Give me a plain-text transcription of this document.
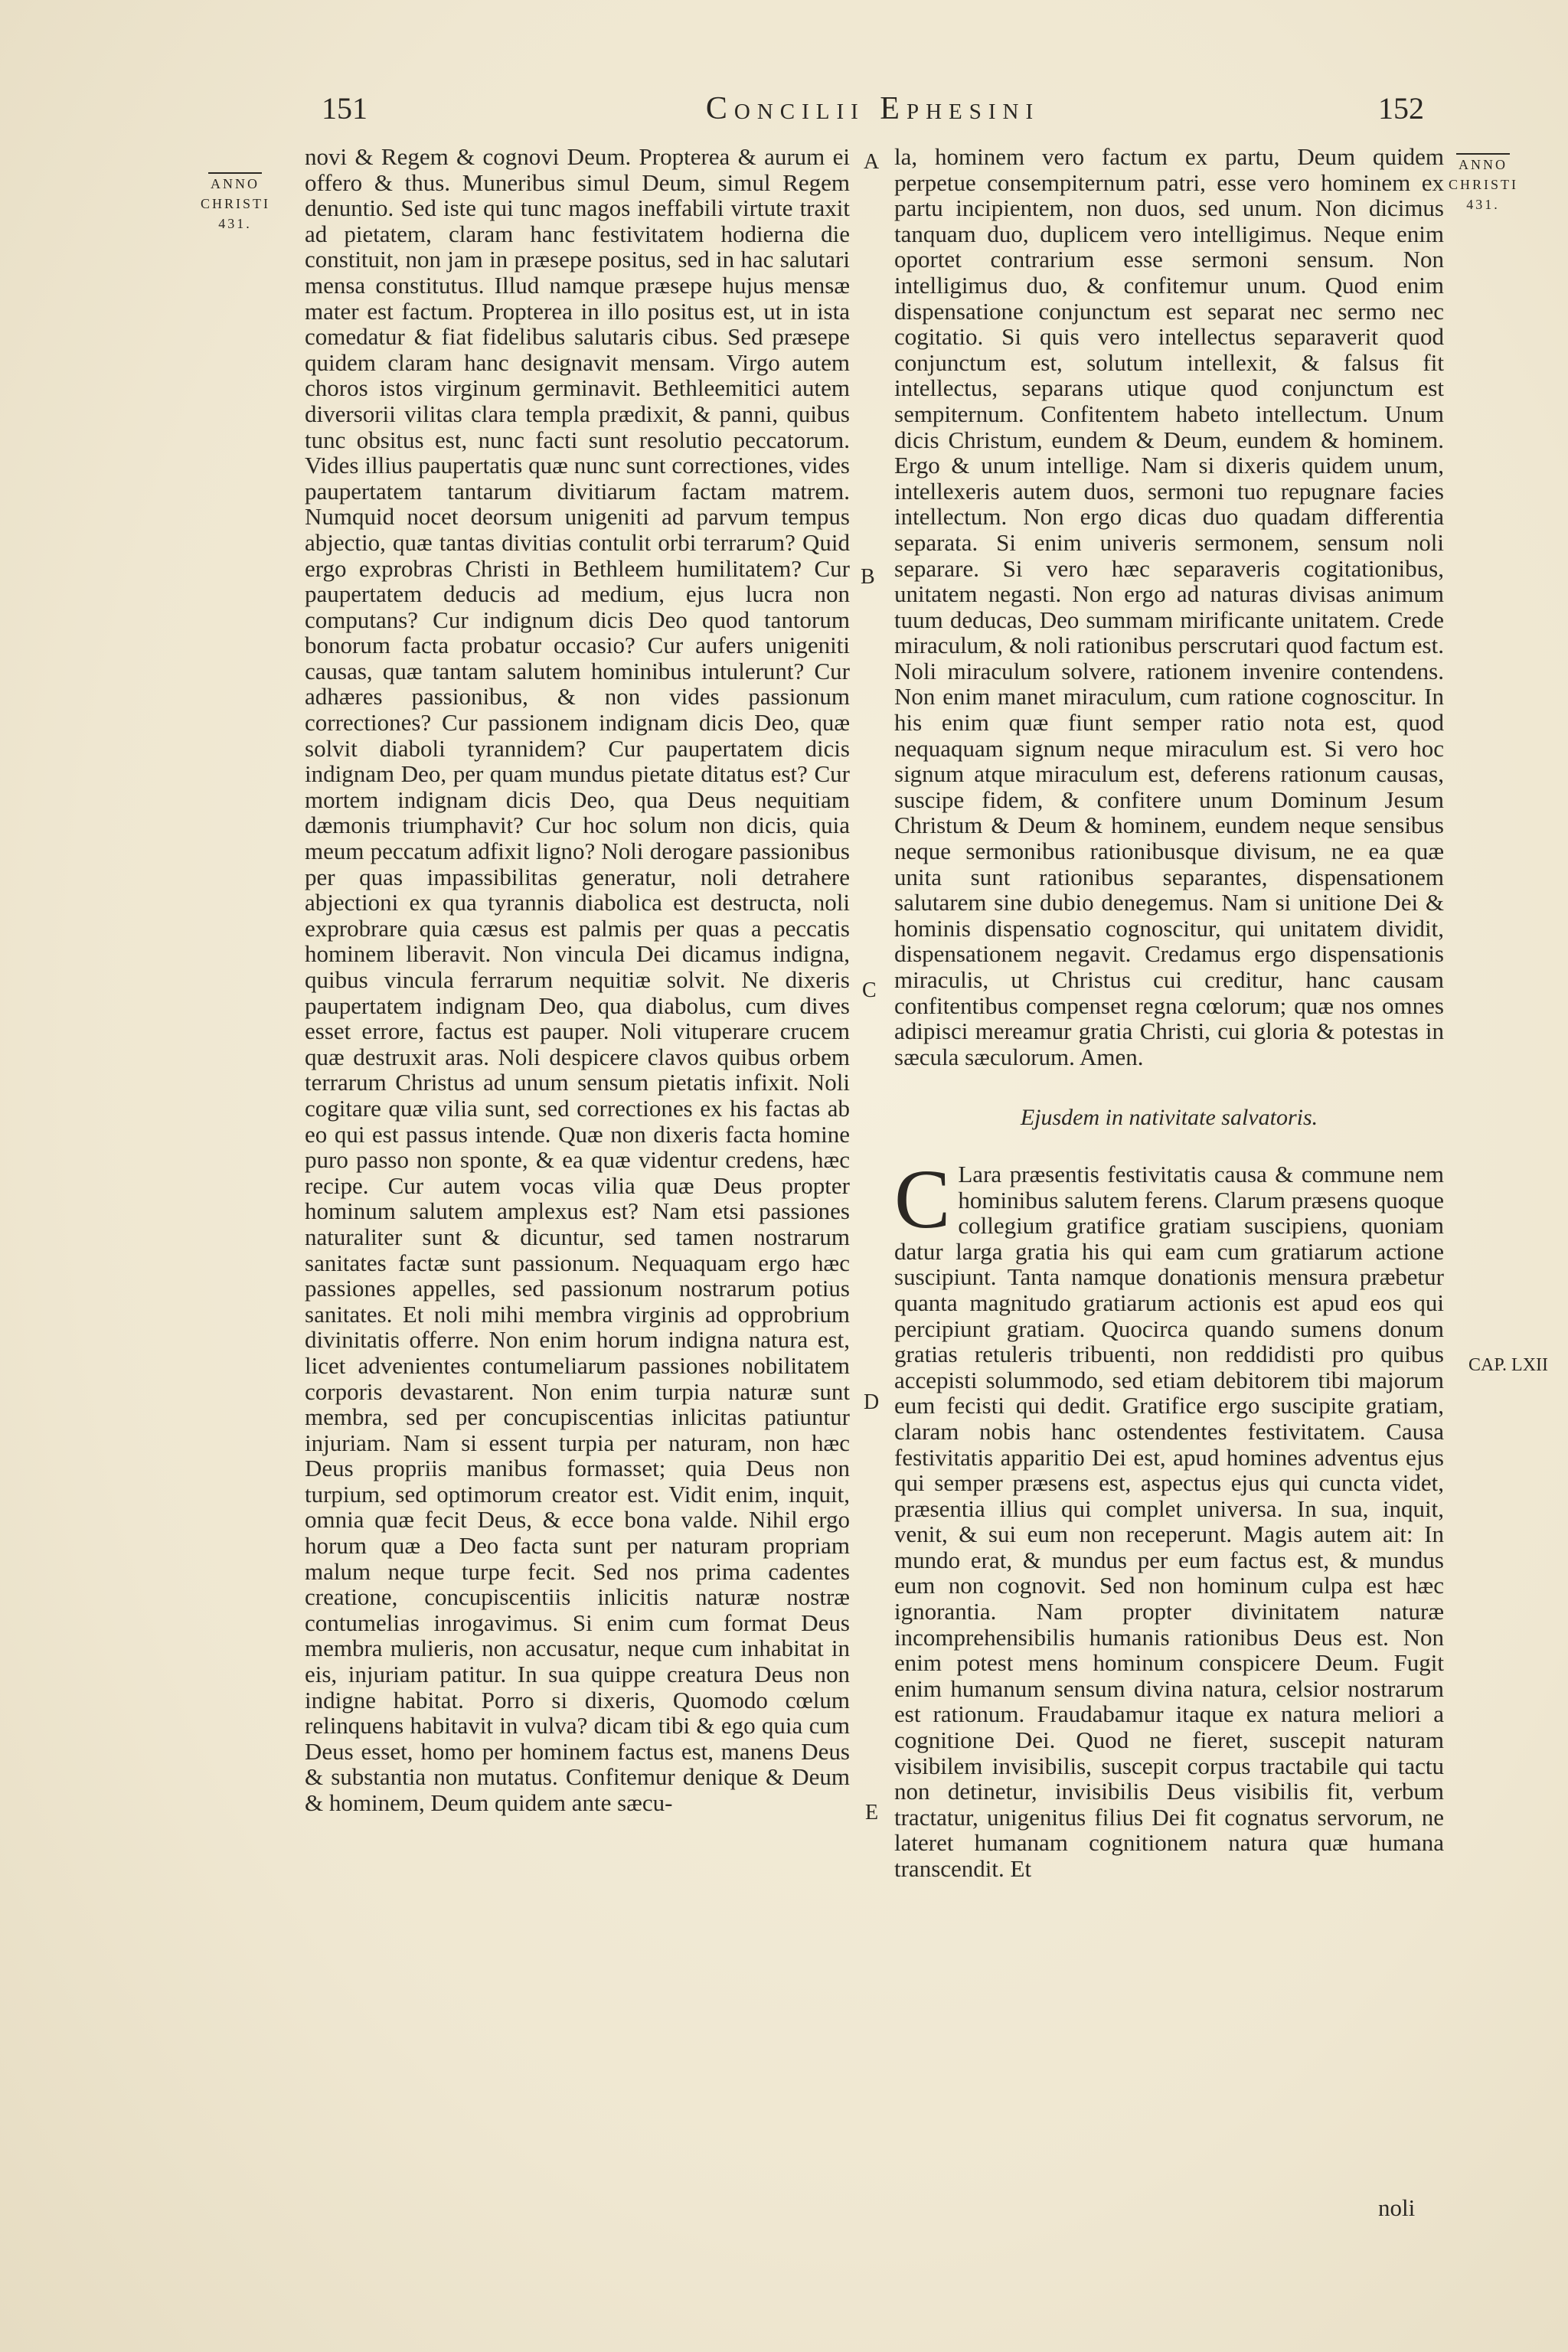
151	Concilii Ephesini	152
ANNO
CHRISTI
431.
ANNO
CHRISTI
431.
A
B
C
D
E
CAP. LXII

novi & Regem & cognovi Deum. Propterea & aurum ei offero & thus. Muneribus simul Deum, simul Regem denuntio. Sed iste qui tunc magos ineffabili virtute traxit ad pietatem, claram hanc festivitatem hodierna die constituit, non jam in præsepe positus, sed in hac salutari mensa constitutus. Illud namque præsepe hujus mensæ mater est factum. Propterea in illo positus est, ut in ista comedatur & fiat fidelibus salutaris cibus. Sed præsepe quidem claram hanc designavit mensam. Virgo autem choros istos virginum germinavit. Bethleemitici autem diversorii vilitas clara templa prædixit, & panni, quibus tunc obsitus est, nunc facti sunt resolutio peccatorum. Vides illius paupertatis quæ nunc sunt correctiones, vides paupertatem tantarum divitiarum factam matrem. Numquid nocet deorsum unigeniti ad parvum tempus abjectio, quæ tantas divitias contulit orbi terrarum? Quid ergo exprobras Christi in Bethleem humilitatem? Cur paupertatem deducis ad medium, ejus lucra non computans? Cur indignum dicis Deo quod tantorum bonorum facta probatur occasio? Cur aufers unigeniti causas, quæ tantam salutem hominibus intulerunt? Cur adhæres passionibus, & non vides passionum correctiones? Cur passionem indignam dicis Deo, quæ solvit diaboli tyrannidem? Cur paupertatem dicis indignam Deo, per quam mundus pietate ditatus est? Cur mortem indignam dicis Deo, qua Deus nequitiam dæmonis triumphavit? Cur hoc solum non dicis, quia meum peccatum adfixit ligno? Noli derogare passionibus per quas impassibilitas generatur, noli detrahere abjectioni ex qua tyrannis diabolica est destructa, noli exprobrare quia cæsus est palmis per quas a peccatis hominem liberavit. Non vincula Dei dicamus indigna, quibus vincula ferrarum nequitiæ solvit. Ne dixeris paupertatem indignam Deo, qua diabolus, cum dives esset errore, factus est pauper. Noli vituperare crucem quæ destruxit aras. Noli despicere clavos quibus orbem terrarum Christus ad unum sensum pietatis infixit. Noli cogitare quæ vilia sunt, sed correctiones ex his factas ab eo qui est passus intende. Quæ non dixeris facta homine puro passo non sponte, & ea quæ videntur credens, hæc recipe. Cur autem vocas vilia quæ Deus propter hominum salutem amplexus est? Nam etsi passiones naturaliter sunt & dicuntur, sed tamen nostrarum sanitates factæ sunt passionum. Nequaquam ergo hæc passiones appelles, sed passionum nostrarum potius sanitates. Et noli mihi membra virginis ad opprobrium divinitatis offerre. Non enim horum indigna natura est, licet advenientes contumeliarum passiones nobilitatem corporis devastarent. Non enim turpia naturæ sunt membra, sed per concupiscentias inlicitas patiuntur injuriam. Nam si essent turpia per naturam, non hæc Deus propriis manibus formasset; quia Deus non turpium, sed optimorum creator est. Vidit enim, inquit, omnia quæ fecit Deus, & ecce bona valde. Nihil ergo horum quæ a Deo facta sunt per naturam propriam malum neque turpe fecit. Sed nos prima cadentes creatione, concupiscentiis inlicitis naturæ nostræ contumelias inrogavimus. Si enim cum format Deus membra mulieris, non accusatur, neque cum inhabitat in eis, injuriam patitur. In sua quippe creatura Deus non indigne habitat. Porro si dixeris, Quomodo cœlum relinquens habitavit in vulva? dicam tibi & ego quia cum Deus esset, homo per hominem factus est, manens Deus & substantia non mutatus. Confitemur denique & Deum & hominem, Deum quidem ante sæcu-

la, hominem vero factum ex partu, Deum quidem perpetue consempiternum patri, esse vero hominem ex partu incipientem, non duos, sed unum. Non dicimus tanquam duo, duplicem vero intelligimus. Neque enim oportet contrarium esse sermoni sensum. Non intelligimus duo, & confitemur unum. Quod enim dispensatione conjunctum est separat nec sermo nec cogitatio. Si quis vero intellectus separaverit quod conjunctum est, solutum intellexit, & falsus fit intellectus, separans utique quod conjunctum est sempiternum. Confitentem habeto intellectum. Unum dicis Christum, eundem & Deum, eundem & hominem. Ergo & unum intellige. Nam si dixeris quidem unum, intellexeris autem duos, sermoni tuo repugnare facies intellectum. Non ergo dicas duo quadam differentia separata. Si enim univeris sermonem, sensum noli separare. Si vero hæc separaveris cogitationibus, unitatem negasti. Non ergo ad naturas divisas animum tuum deducas, Deo summam mirificante unitatem. Crede miraculum, & noli rationibus perscrutari quod factum est. Noli miraculum solvere, rationem invenire contendens. Non enim manet miraculum, cum ratione cognoscitur. In his enim quæ fiunt semper ratio nota est, quod nequaquam signum neque miraculum est. Si vero hoc signum atque miraculum est, deferens rationum causas, suscipe fidem, & confitere unum Dominum Jesum Christum & Deum & hominem, eundem neque sensibus neque sermonibus rationibusque divisum, ne ea quæ unita sunt rationibus separantes, dispensationem salutarem sine dubio denegemus. Nam si unitione Dei & hominis dispensatio cognoscitur, qui unitatem dividit, dispensationem negavit. Credamus ergo dispensationis miraculis, ut Christus cui creditur, hanc causam confitentibus compenset regna cœlorum; quæ nos omnes adipisci mereamur gratia Christi, cui gloria & potestas in sæcula sæculorum. Amen.

Ejusdem in nativitate salvatoris.

C Lara præsentis festivitatis causa & commune nem hominibus salutem ferens. Clarum præsens quoque collegium gratifice gratiam suscipiens, quoniam datur larga gratia his qui eam cum gratiarum actione suscipiunt. Tanta namque donationis mensura præbetur quanta magnitudo gratiarum actionis est apud eos qui percipiunt gratiam. Quocirca quando sumens donum gratias retuleris tribuenti, non reddidisti pro quibus accepisti solummodo, sed etiam debitorem tibi majorum eum fecisti qui dedit. Gratifice ergo suscipite gratiam, claram nobis hanc ostendentes festivitatem. Causa festivitatis apparitio Dei est, apud homines adventus ejus qui semper præsens est, aspectus ejus qui cuncta videt, præsentia illius qui complet universa. In sua, inquit, venit, & sui eum non receperunt. Magis autem ait: In mundo erat, & mundus per eum factus est, & mundus eum non cognovit. Sed non hominum culpa est hæc ignorantia. Nam propter divinitatem naturæ incomprehensibilis humanis rationibus Deus est. Non enim potest mens hominum conspicere Deum. Fugit enim humanum sensum divina natura, celsior nostrarum est rationum. Fraudabamur itaque ex natura meliori a cognitione Dei. Quod ne fieret, suscepit naturam visibilem invisibilis, suscepit corpus tractabile qui tactu non detinetur, invisibilis Deus visibilis fit, verbum tractatur, unigenitus filius Dei fit cognatus servorum, ne lateret humanam cognitionem natura quæ humana transcendit. Et

noli
